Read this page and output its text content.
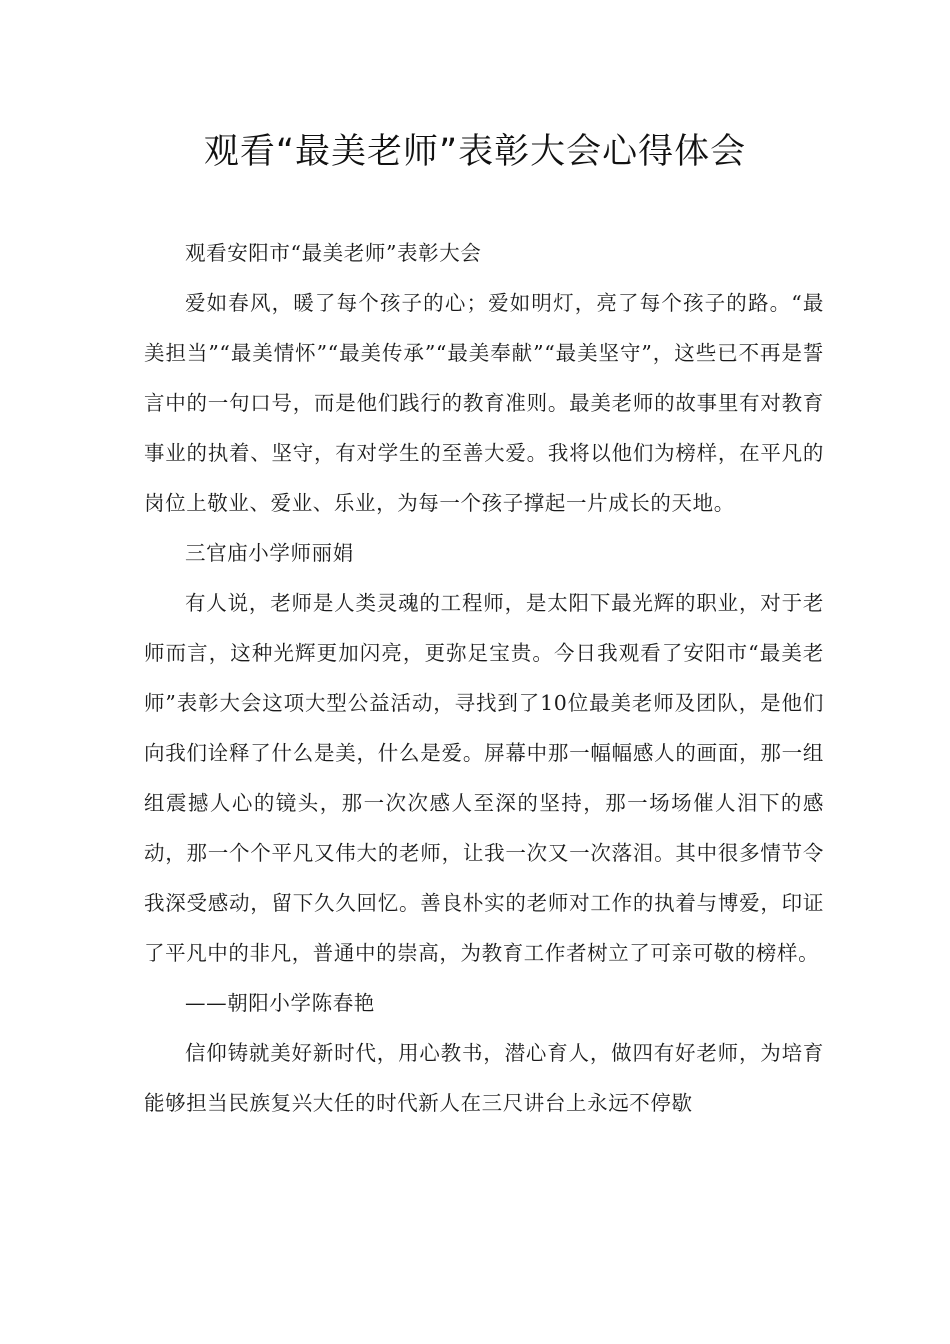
观看“最美老师”表彰大会心得体会

观看安阳市“最美老师”表彰大会

爱如春风，暖了每个孩子的心；爱如明灯，亮了每个孩子的路。“最美担当”“最美情怀”“最美传承”“最美奉献”“最美坚守”，这些已不再是誓言中的一句口号，而是他们践行的教育准则。最美老师的故事里有对教育事业的执着、坚守，有对学生的至善大爱。我将以他们为榜样，在平凡的岗位上敬业、爱业、乐业，为每一个孩子撑起一片成长的天地。

三官庙小学师丽娟

有人说，老师是人类灵魂的工程师，是太阳下最光辉的职业，对于老师而言，这种光辉更加闪亮，更弥足宝贵。今日我观看了安阳市“最美老师”表彰大会这项大型公益活动，寻找到了10位最美老师及团队，是他们向我们诠释了什么是美，什么是爱。屏幕中那一幅幅感人的画面，那一组组震撼人心的镜头，那一次次感人至深的坚持，那一场场催人泪下的感动，那一个个平凡又伟大的老师，让我一次又一次落泪。其中很多情节令我深受感动，留下久久回忆。善良朴实的老师对工作的执着与博爱，印证了平凡中的非凡，普通中的崇高，为教育工作者树立了可亲可敬的榜样。

——朝阳小学陈春艳

信仰铸就美好新时代，用心教书，潜心育人，做四有好老师，为培育能够担当民族复兴大任的时代新人在三尺讲台上永远不停歇
